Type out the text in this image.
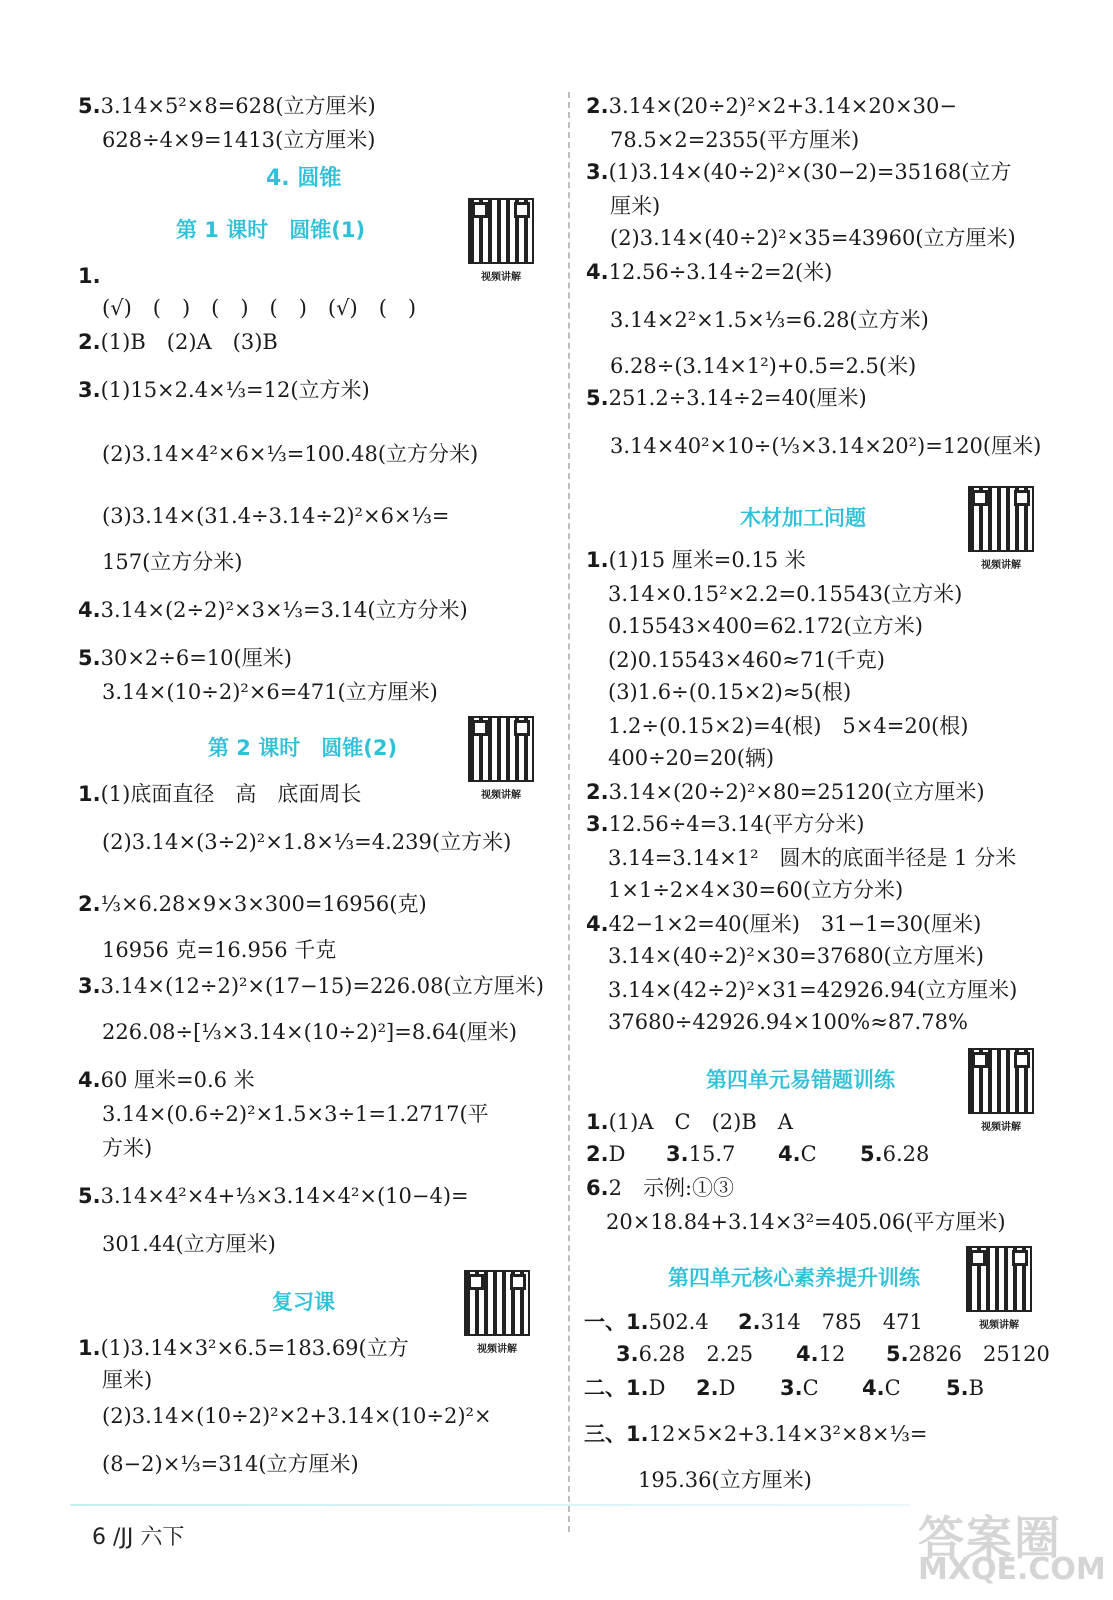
5.3.14×5²×8=628(立方厘米)
628÷4×9=1413(立方厘米)
4. 圆锥
第 1 课时　圆锥(1)
视频讲解
1.
(√)　(　)　(　)　(　)　(√)　(　)
2.(1)B　(2)A　(3)B
3.(1)15×2.4×⅓=12(立方米)
(2)3.14×4²×6×⅓=100.48(立方分米)
(3)3.14×(31.4÷3.14÷2)²×6×⅓=
157(立方分米)
4.3.14×(2÷2)²×3×⅓=3.14(立方分米)
5.30×2÷6=10(厘米)
3.14×(10÷2)²×6=471(立方厘米)
第 2 课时　圆锥(2)
视频讲解
1.(1)底面直径　高　底面周长
(2)3.14×(3÷2)²×1.8×⅓=4.239(立方米)
2.⅓×6.28×9×3×300=16956(克)
16956 克=16.956 千克
3.3.14×(12÷2)²×(17−15)=226.08(立方厘米)
226.08÷[⅓×3.14×(10÷2)²]=8.64(厘米)
4.60 厘米=0.6 米
3.14×(0.6÷2)²×1.5×3÷1=1.2717(平
方米)
5.3.14×4²×4+⅓×3.14×4²×(10−4)=
301.44(立方厘米)
复习课
视频讲解
1.(1)3.14×3²×6.5=183.69(立方
厘米)
(2)3.14×(10÷2)²×2+3.14×(10÷2)²×
(8−2)×⅓=314(立方厘米)
2.3.14×(20÷2)²×2+3.14×20×30−
78.5×2=2355(平方厘米)
3.(1)3.14×(40÷2)²×(30−2)=35168(立方
厘米)
(2)3.14×(40÷2)²×35=43960(立方厘米)
4.12.56÷3.14÷2=2(米)
3.14×2²×1.5×⅓=6.28(立方米)
6.28÷(3.14×1²)+0.5=2.5(米)
5.251.2÷3.14÷2=40(厘米)
3.14×40²×10÷(⅓×3.14×20²)=120(厘米)
木材加工问题
视频讲解
1.(1)15 厘米=0.15 米
3.14×0.15²×2.2=0.15543(立方米)
0.15543×400=62.172(立方米)
(2)0.15543×460≈71(千克)
(3)1.6÷(0.15×2)≈5(根)
1.2÷(0.15×2)=4(根)　5×4=20(根)
400÷20=20(辆)
2.3.14×(20÷2)²×80=25120(立方厘米)
3.12.56÷4=3.14(平方分米)
3.14=3.14×1²　圆木的底面半径是 1 分米
1×1÷2×4×30=60(立方分米)
4.42−1×2=40(厘米)　31−1=30(厘米)
3.14×(40÷2)²×30=37680(立方厘米)
3.14×(42÷2)²×31=42926.94(立方厘米)
37680÷42926.94×100%≈87.78%
第四单元易错题训练
视频讲解
1.(1)A　C　(2)B　A
2.D 3.15.7 4.C 5.6.28
6.2　示例:①③
20×18.84+3.14×3²=405.06(平方厘米)
第四单元核心素养提升训练
视频讲解
一、1.502.4 2.314　785　471
3.6.28　2.25 4.12 5.2826　25120
二、1.D 2.D 3.C 4.C 5.B
三、1.12×5×2+3.14×3²×8×⅓=
195.36(立方厘米)
6 /JJ 六下	答案圈
MXQE.COM
